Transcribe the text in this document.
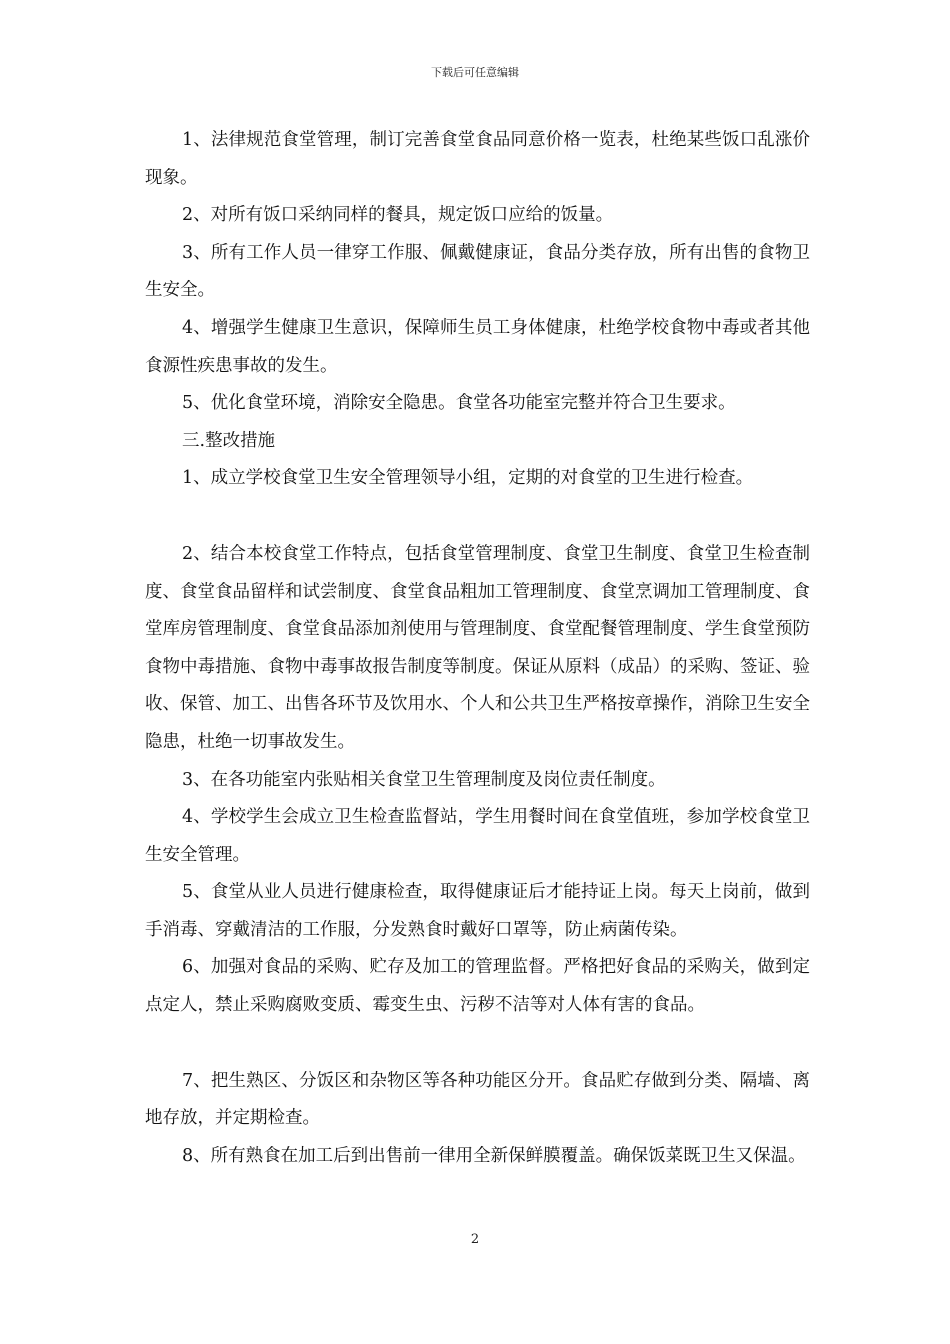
下载后可任意编辑

1、法律规范食堂管理，制订完善食堂食品同意价格一览表，杜绝某些饭口乱涨价现象。

2、对所有饭口采纳同样的餐具，规定饭口应给的饭量。

3、所有工作人员一律穿工作服、佩戴健康证，食品分类存放，所有出售的食物卫生安全。

4、增强学生健康卫生意识，保障师生员工身体健康，杜绝学校食物中毒或者其他食源性疾患事故的发生。

5、优化食堂环境，消除安全隐患。食堂各功能室完整并符合卫生要求。

三.整改措施

1、成立学校食堂卫生安全管理领导小组，定期的对食堂的卫生进行检查。

2、结合本校食堂工作特点，包括食堂管理制度、食堂卫生制度、食堂卫生检查制度、食堂食品留样和试尝制度、食堂食品粗加工管理制度、食堂烹调加工管理制度、食堂库房管理制度、食堂食品添加剂使用与管理制度、食堂配餐管理制度、学生食堂预防食物中毒措施、食物中毒事故报告制度等制度。保证从原料（成品）的采购、签证、验收、保管、加工、出售各环节及饮用水、个人和公共卫生严格按章操作，消除卫生安全隐患，杜绝一切事故发生。

3、在各功能室内张贴相关食堂卫生管理制度及岗位责任制度。

4、学校学生会成立卫生检查监督站，学生用餐时间在食堂值班，参加学校食堂卫生安全管理。

5、食堂从业人员进行健康检查，取得健康证后才能持证上岗。每天上岗前，做到手消毒、穿戴清洁的工作服，分发熟食时戴好口罩等，防止病菌传染。

6、加强对食品的采购、贮存及加工的管理监督。严格把好食品的采购关，做到定点定人，禁止采购腐败变质、霉变生虫、污秽不洁等对人体有害的食品。

7、把生熟区、分饭区和杂物区等各种功能区分开。食品贮存做到分类、隔墙、离地存放，并定期检查。

8、所有熟食在加工后到出售前一律用全新保鲜膜覆盖。确保饭菜既卫生又保温。

2
